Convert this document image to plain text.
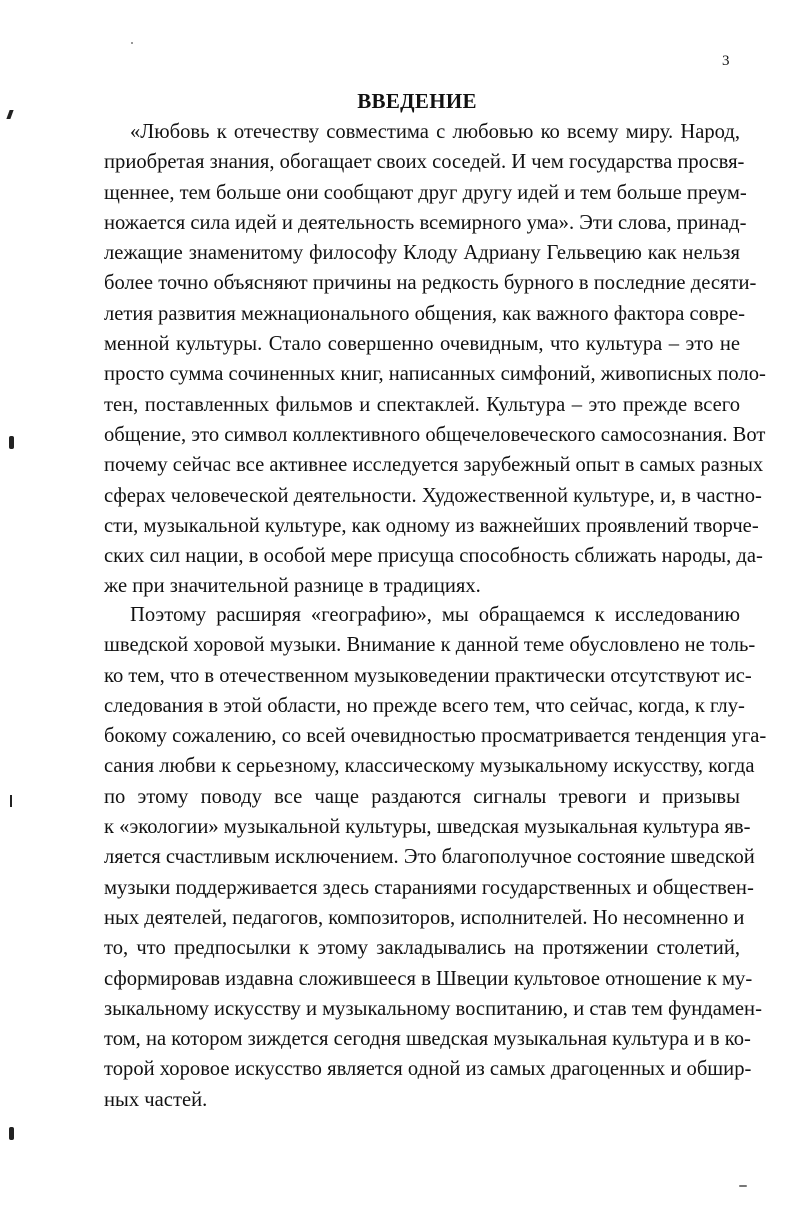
3
ВВЕДЕНИЕ
«Любовь к отечеству совместима с любовью ко всему миру. Народ,
приобретая знания, обогащает своих соседей. И чем государства просвя-
щеннее, тем больше они сообщают друг другу идей и тем больше преум-
ножается сила идей и деятельность всемирного ума». Эти слова, принад-
лежащие знаменитому философу Клоду Адриану Гельвецию как нельзя
более точно объясняют причины на редкость бурного в последние десяти-
летия развития межнационального общения, как важного фактора совре-
менной культуры. Стало совершенно очевидным, что культура – это не
просто сумма сочиненных книг, написанных симфоний, живописных поло-
тен, поставленных фильмов и спектаклей. Культура – это прежде всего
общение, это символ коллективного общечеловеческого самосознания. Вот
почему сейчас все активнее исследуется зарубежный опыт в самых разных
сферах человеческой деятельности. Художественной культуре, и, в частно-
сти, музыкальной культуре, как одному из важнейших проявлений творче-
ских сил нации, в особой мере присуща способность сближать народы, да-
же при значительной разнице в традициях.
Поэтому расширяя «географию», мы обращаемся к исследованию
шведской хоровой музыки. Внимание к данной теме обусловлено не толь-
ко тем, что в отечественном музыковедении практически отсутствуют ис-
следования в этой области, но прежде всего тем, что сейчас, когда, к глу-
бокому сожалению, со всей очевидностью просматривается тенденция уга-
сания любви к серьезному, классическому музыкальному искусству, когда
по этому поводу все чаще раздаются сигналы тревоги и призывы
к «экологии» музыкальной культуры, шведская музыкальная культура яв-
ляется счастливым исключением. Это благополучное состояние шведской
музыки поддерживается здесь стараниями государственных и обществен-
ных деятелей, педагогов, композиторов, исполнителей. Но несомненно и
то, что предпосылки к этому закладывались на протяжении столетий,
сформировав издавна сложившееся в Швеции культовое отношение к му-
зыкальному искусству и музыкальному воспитанию, и став тем фундамен-
том, на котором зиждется сегодня шведская музыкальная культура и в ко-
торой хоровое искусство является одной из самых драгоценных и обшир-
ных частей.
